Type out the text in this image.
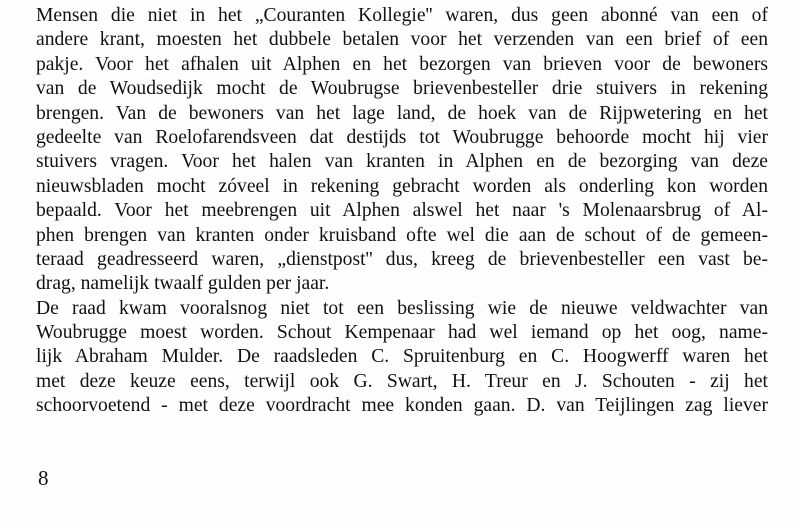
Mensen die niet in het „Couranten Kollegie'' waren, dus geen abonné van een of
andere krant, moesten het dubbele betalen voor het verzenden van een brief of een
pakje. Voor het afhalen uit Alphen en het bezorgen van brieven voor de bewoners
van de Woudsedijk mocht de Woubrugse brievenbesteller drie stuivers in rekening
brengen. Van de bewoners van het lage land, de hoek van de Rijpwetering en het
gedeelte van Roelofarendsveen dat destijds tot Woubrugge behoorde mocht hij vier
stuivers vragen. Voor het halen van kranten in Alphen en de bezorging van deze
nieuwsbladen mocht zóveel in rekening gebracht worden als onderling kon worden
bepaald. Voor het meebrengen uit Alphen alswel het naar 's Molenaarsbrug of Al-
phen brengen van kranten onder kruisband ofte wel die aan de schout of de gemeen-
teraad geadresseerd waren, „dienstpost'' dus, kreeg de brievenbesteller een vast be-
drag, namelijk twaalf gulden per jaar.
De raad kwam vooralsnog niet tot een beslissing wie de nieuwe veldwachter van
Woubrugge moest worden. Schout Kempenaar had wel iemand op het oog, name-
lijk Abraham Mulder. De raadsleden C. Spruitenburg en C. Hoogwerff waren het
met deze keuze eens, terwijl ook G. Swart, H. Treur en J. Schouten - zij het
schoorvoetend - met deze voordracht mee konden gaan. D. van Teijlingen zag liever
8
